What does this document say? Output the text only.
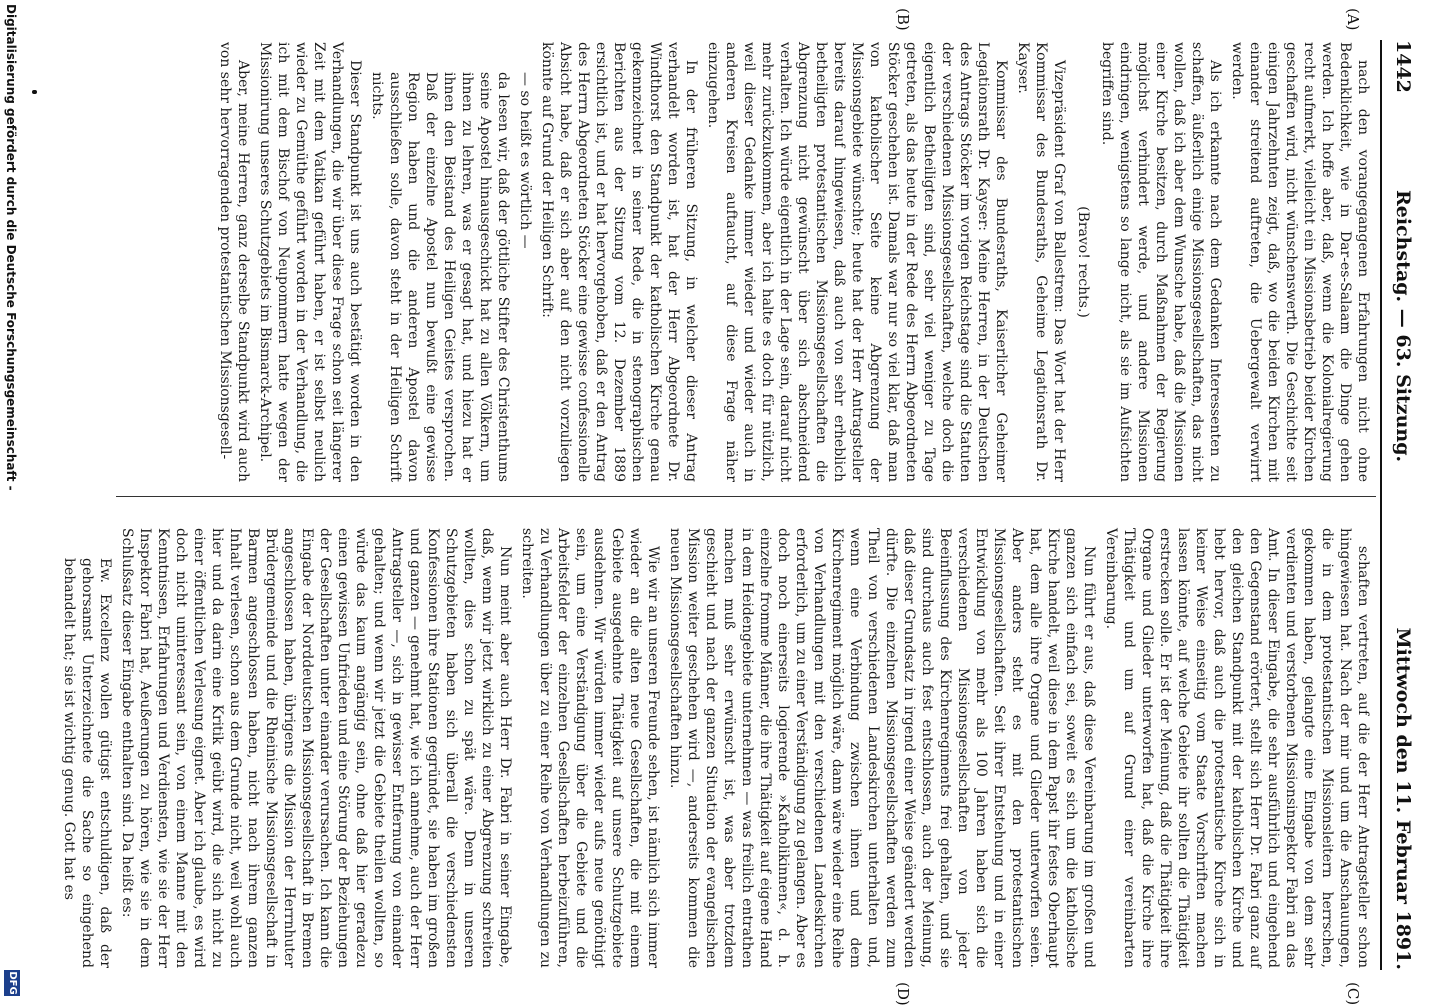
1442
Reichstag. — 63. Sitzung.
Mittwoch den 11. Februar 1891.
(A)
(B)
(C)
(D)

nach den vorangegangenen Erfahrungen nicht ohne Bedenklichkeit, wie in Dar-es-Salaam die Dinge gehen werden. Ich hoffe aber, daß, wenn die Kolonialregierung recht aufmerkt, vielleicht ein Missionsbetrieb beider Kirchen geschaffen wird, nicht wünschenswerth. Die Geschichte seit einigen Jahrzehnten zeigt, daß, wo die beiden Kirchen mit einander streitend auftreten, die Uebergewalt verwirrt werden.

Als ich erkannte nach dem Gedanken Interessenten zu schaffen, äußerlich einige Missionsgesellschaften, das nicht wollen, daß ich aber dem Wunsche habe, daß die Missionen einer Kirche besitzen, durch Maßnahmen der Regierung möglichst verhindert werde, und andere Missionen eindringen, wenigstens so lange nicht, als sie im Aufsichten begriffen sind.

(Bravo! rechts.)

Vizepräsident Graf von Ballestrem: Das Wort hat der Herr Kommissar des Bundesraths, Geheime Legationsrath Dr. Kayser.

Kommissar des Bundesraths, Kaiserlicher Geheimer Legationsrath Dr. Kayser: Meine Herren, in der Deutschen des Antrags Stöcker im vorigen Reichstage sind die Statuten der verschiedenen Missionsgesellschaften, welche doch die eigentlich Betheiligten sind, sehr viel weniger zu Tage getreten, als das heute in der Rede des Herrn Abgeordneten Stöcker geschehen ist. Damals war nur so viel klar, daß man von katholischer Seite keine Abgrenzung der Missionsgebiete wünschte; heute hat der Herr Antragsteller bereits darauf hingewiesen, daß auch von sehr erheblich betheiligten protestantischen Missionsgesellschaften die Abgrenzung nicht gewünscht über sich abschneidend verhalten. Ich würde eigentlich in der Lage sein, darauf nicht mehr zurückzukommen, aber ich halte es doch für nützlich, weil dieser Gedanke immer wieder und wieder auch in anderen Kreisen auftaucht, auf diese Frage näher einzugehen.

In der früheren Sitzung, in welcher dieser Antrag verhandelt worden ist, hat der Herr Abgeordnete Dr. Windthorst den Standpunkt der katholischen Kirche genau gekennzeichnet in seiner Rede, die in stenographischen Berichten aus der Sitzung vom 12. Dezember 1889 ersichtlich ist, und er hat hervorgehoben, daß er den Antrag des Herrn Abgeordneten Stöcker eine gewisse confessionelle Absicht habe, daß er sich aber auf den nicht vorzuliegen könnte auf Grund der Heiligen Schrift:

— so heißt es wörtlich —

da lesen wir, daß der göttliche Stifter des Christenthums seine Apostel hinausgeschickt hat zu allen Völkern, um ihnen zu lehren, was er gesagt hat, und hiezu hat er ihnen den Beistand des Heiligen Geistes versprochen. Daß der einzelne Apostel nun bewußt eine gewisse Region haben und die anderen Apostel davon ausschließen solle, davon steht in der Heiligen Schrift nichts.

Dieser Standpunkt ist uns auch bestätigt worden in den Verhandlungen, die wir über diese Frage schon seit längerer Zeit mit dem Vatikan geführt haben, er ist selbst neulich wieder zu Gemüthe geführt worden in der Verhandlung, die ich mit dem Bischof von Neupommern hatte wegen der Missionirung unseres Schutzgebiets im Bismarck-Archipel.

Aber, meine Herren, ganz derselbe Standpunkt wird auch von sehr hervorragenden protestantischen Missionsgesell-

schaften vertreten, auf die der Herr Antragsteller schon hingewiesen hat. Nach der mir und um die Anschauungen, die in dem protestantischen Missionsleitern herrschen, gekommen haben, gelangte eine Eingabe von dem sehr verdienten und verstorbenen Missionsinspektor Fabri an das Amt. In dieser Eingabe, die sehr ausführlich und eingehend den Gegenstand erörtert, stellt sich Herr Dr. Fabri ganz auf den gleichen Standpunkt mit der katholischen Kirche und hebt hervor, daß auch die protestantische Kirche sich in keiner Weise einseitig vom Staate Vorschriften machen lassen könnte, auf welche Gebiete ihr sollten die Thätigkeit erstrecken solle. Er ist der Meinung, daß die Thätigkeit ihre Organe und Glieder unterworfen hat, daß die Kirche ihre Thätigkeit und um auf Grund einer vereinbarten Vereinbarung.

Nun führt er aus, daß diese Vereinbarung im großen und ganzen sich einfach sei, soweit es sich um die katholische Kirche handelt, weil diese in dem Papst ihr festes Oberhaupt hat, dem alle ihre Organe und Glieder unterworfen seien. Aber anders steht es mit den protestantischen Missionsgesellschaften. Seit ihrer Entstehung und in einer Entwicklung von mehr als 100 Jahren haben sich die verschiedenen Missionsgesellschaften von jeder Beeinflussung des Kirchenregiments frei gehalten, und sie sind durchaus auch fest entschlossen, auch der Meinung, daß dieser Grundsatz in irgend einer Weise geändert werden dürfte. Die einzelnen Missionsgesellschaften werden zum Theil von verschiedenen Landeskirchen unterhalten und, wenn eine Verbindung zwischen ihnen und dem Kirchenregiment möglich wäre, dann wäre wieder eine Reihe von Verhandlungen mit den verschiedenen Landeskirchen erforderlich, um zu einer Verständigung zu gelangen. Aber es doch noch einerseits logierende »Katholikinnen«, d. h. einzelne fromme Männer, die ihre Thätigkeit auf eigene Hand in dem Heidengebiete unternehmen — was freilich entrathen machen muß sehr erwünscht ist, was aber trotzdem geschieht und nach der ganzen Situation der evangelischen Mission weiter geschehen wird —, anderseits kommen die neuen Missionsgesellschaften hinzu.

Wie wir an unseren Freunde sehen, ist nämlich sich immer wieder an die alten neue Gesellschaften, die mit einem Gebiete ausgedehnte Thätigkeit auf unsere Schutzgebiete ausdehnen. Wir würden immer wieder aufs neue genöthigt sein, um eine Verständigung über die Gebiete und die Arbeitsfelder der einzelnen Gesellschaften herbeizuführen, zu Verhandlungen über zu einer Reihe von Verhandlungen zu schreiten.

Nun meint aber auch Herr Dr. Fabri in seiner Eingabe, daß, wenn wir jetzt wirklich zu einer Abgrenzung schreiten wollten, dies schon zu spät wäre. Denn in unseren Schutzgebieten haben sich überall die verschiedensten Konfessionen ihre Stationen gegründet, sie haben im großen und ganzen — genehmt hat, wie ich annehme, auch der Herr Antragsteller —, sich in gewisser Entfernung von einander gehalten; und wenn wir jetzt die Gebiete theilen wollten, so würde das kaum angängig sein, ohne daß hier geradezu einen gewissen Unfrieden und eine Störung der Beziehungen der Gesellschaften unter einander verursachen. Ich kann die Eingabe der Norddeutschen Missionsgesellschaft in Bremen angeschlossen haben, übrigens die Mission der Herrnhuter Brüdergemeinde und die Rheinische Missionsgesellschaft in Barmen angeschlossen haben, nicht nach ihrem ganzen Inhalt verlesen, schon aus dem Grunde nicht, weil wohl auch hier und da darin eine Kritik geübt wird, die sich nicht zu einer öffentlichen Verlesung eignet. Aber ich glaube, es wird doch nicht uninteressant sein, von einem Manne mit den Kenntnissen, Erfahrungen und Verdiensten, wie sie der Herr Inspektor Fabri hat, Aeußerungen zu hören, wie sie in dem Schlußsatz dieser Eingabe enthalten sind. Da heißt es:

Ew. Excellenz wollen gütigst entschuldigen, daß der gehorsamst Unterzeichnete die Sache so eingehend behandelt hat; sie ist wichtig genug. Gott hat es

Digitalisierung gefördert durch die Deutsche Forschungsgemeinschaft -
DFG
